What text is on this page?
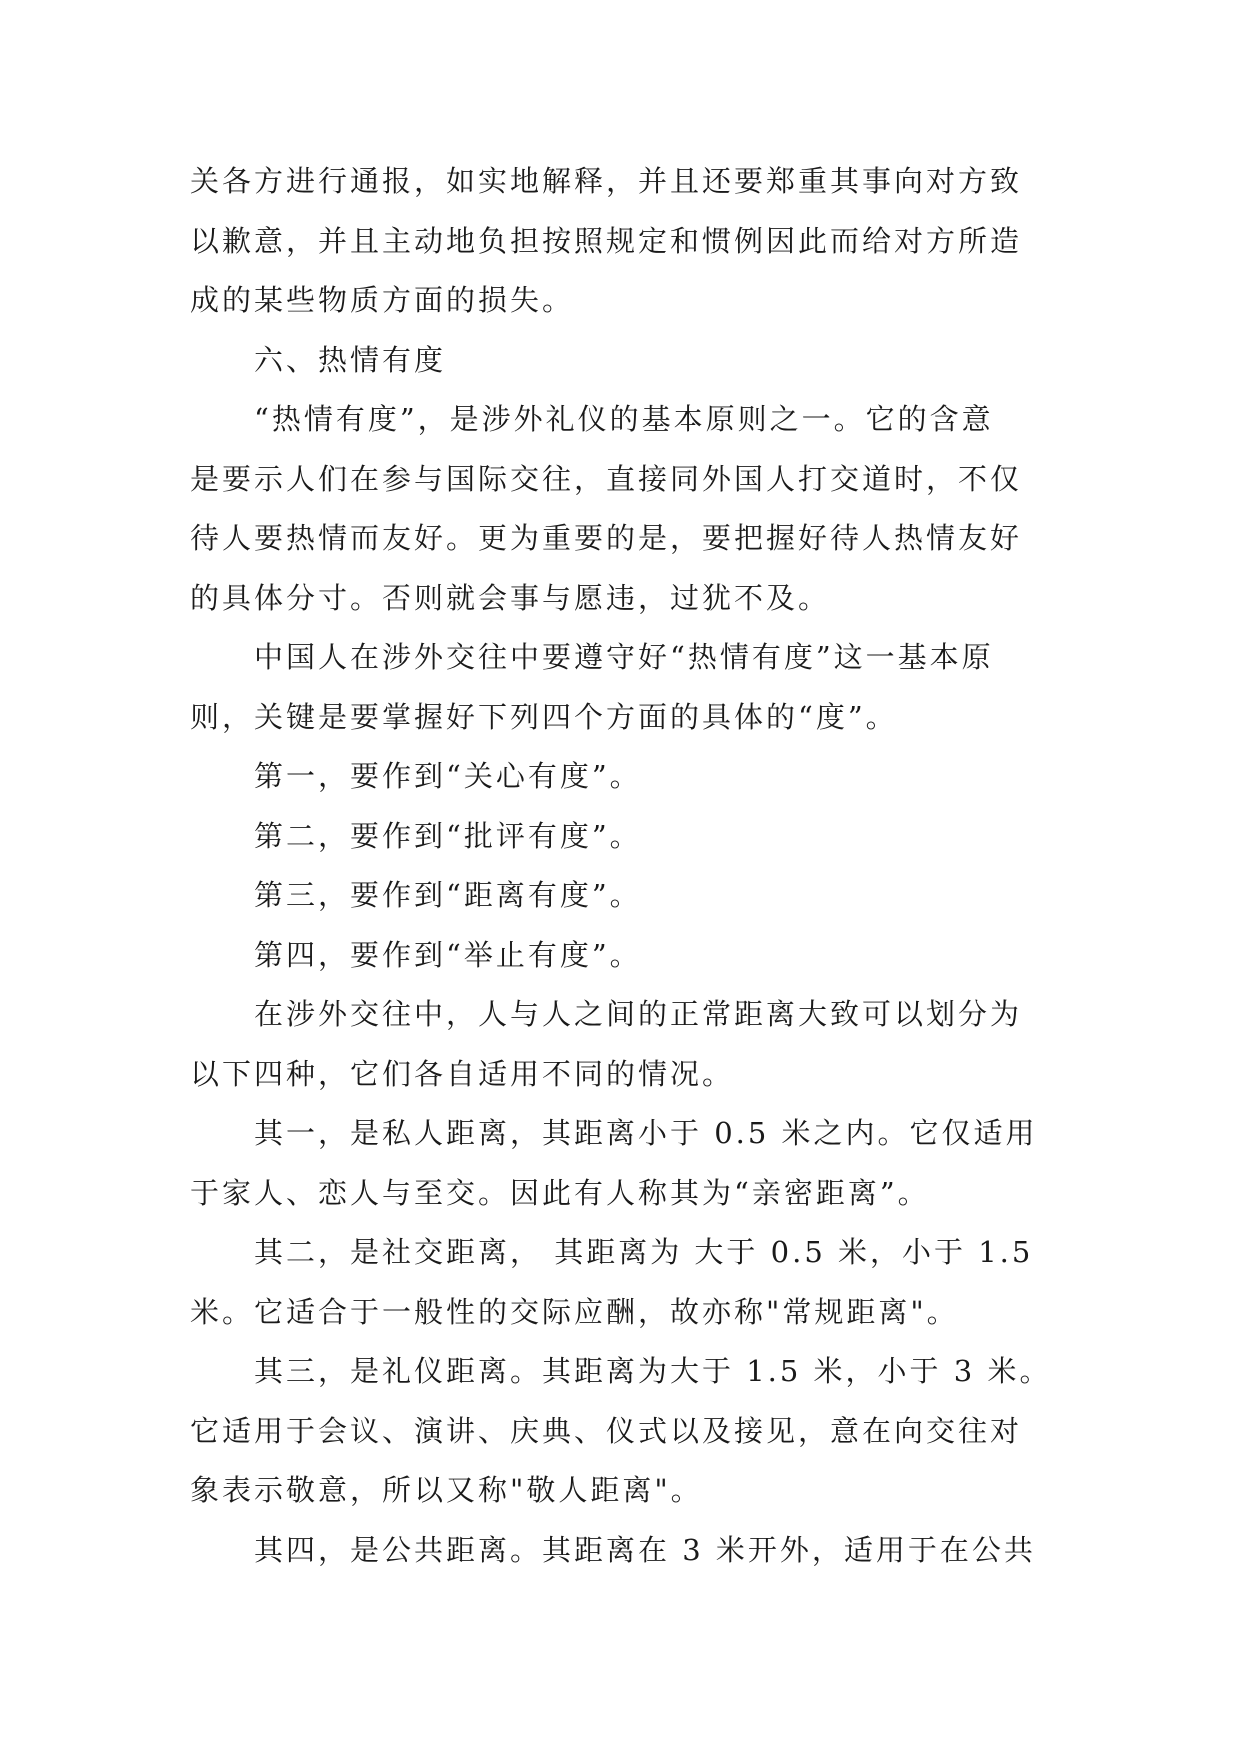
关各方进行通报，如实地解释，并且还要郑重其事向对方致
以歉意，并且主动地负担按照规定和惯例因此而给对方所造
成的某些物质方面的损失。
六、热情有度
“热情有度”，是涉外礼仪的基本原则之一。它的含意
是要示人们在参与国际交往，直接同外国人打交道时，不仅
待人要热情而友好。更为重要的是，要把握好待人热情友好
的具体分寸。否则就会事与愿违，过犹不及。
中国人在涉外交往中要遵守好“热情有度”这一基本原
则，关键是要掌握好下列四个方面的具体的“度”。
第一，要作到“关心有度”。
第二，要作到“批评有度”。
第三，要作到“距离有度”。
第四，要作到“举止有度”。
在涉外交往中，人与人之间的正常距离大致可以划分为
以下四种，它们各自适用不同的情况。
其一，是私人距离，其距离小于 0.5 米之内。它仅适用
于家人、恋人与至交。因此有人称其为“亲密距离”。
其二，是社交距离， 其距离为 大于 0.5 米，小于 1.5
米。它适合于一般性的交际应酬，故亦称"常规距离"。
其三，是礼仪距离。其距离为大于 1.5 米，小于 3 米。
它适用于会议、演讲、庆典、仪式以及接见，意在向交往对
象表示敬意，所以又称"敬人距离"。
其四，是公共距离。其距离在 3 米开外，适用于在公共
